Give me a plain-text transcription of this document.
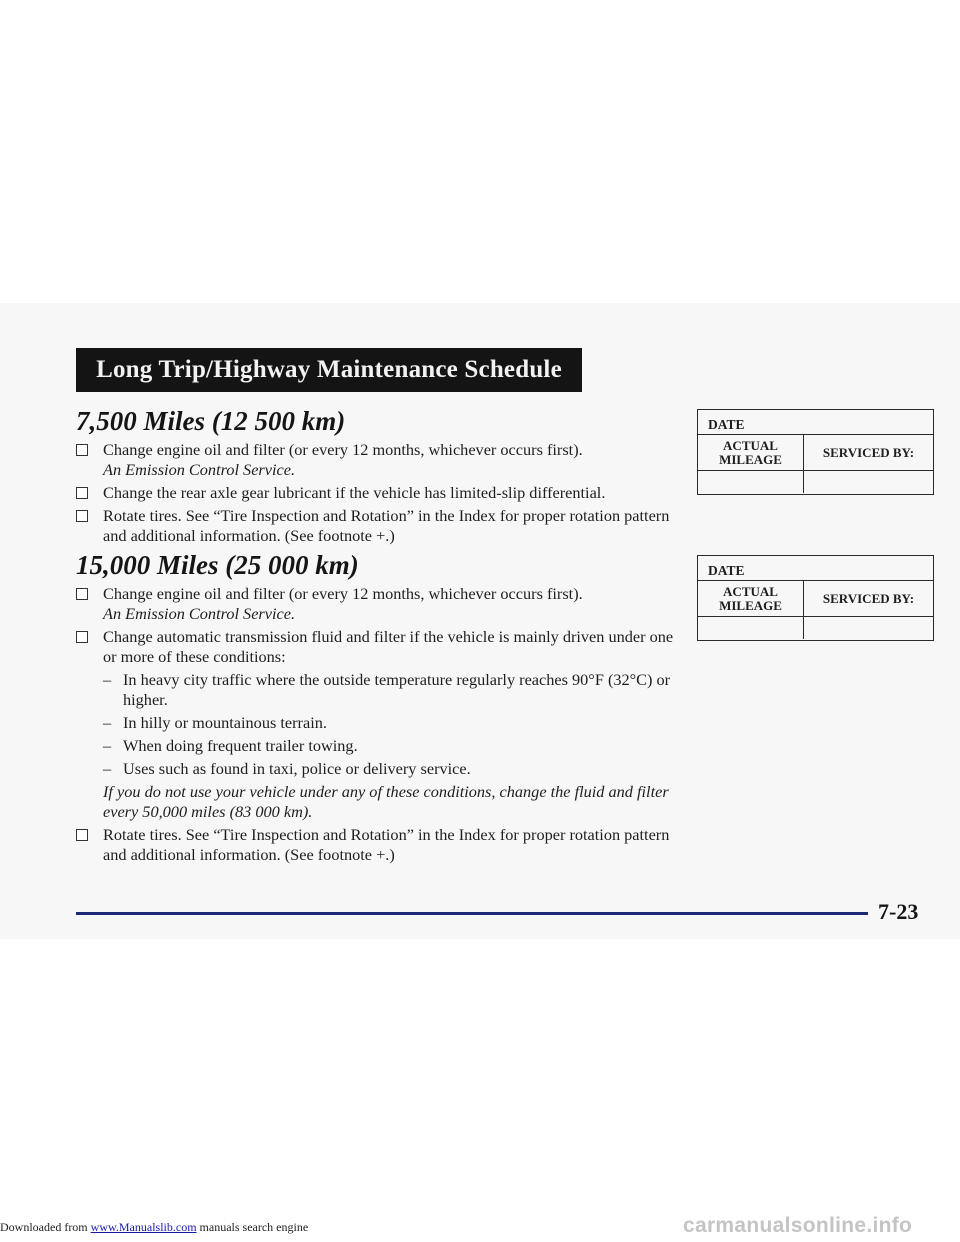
Long Trip/Highway Maintenance Schedule
7,500 Miles (12 500 km)
Change engine oil and filter (or every 12 months, whichever occurs first).
An Emission Control Service.
Change the rear axle gear lubricant if the vehicle has limited-slip differential.
Rotate tires. See “Tire Inspection and Rotation” in the Index for proper rotation pattern and additional information. (See footnote +.)
15,000 Miles (25 000 km)
Change engine oil and filter (or every 12 months, whichever occurs first).
An Emission Control Service.
Change automatic transmission fluid and filter if the vehicle is mainly driven under one or more of these conditions:
– In heavy city traffic where the outside temperature regularly reaches 90°F (32°C) or higher.
– In hilly or mountainous terrain.
– When doing frequent trailer towing.
– Uses such as found in taxi, police or delivery service.
If you do not use your vehicle under any of these conditions, change the fluid and filter every 50,000 miles (83 000 km).
Rotate tires. See “Tire Inspection and Rotation” in the Index for proper rotation pattern and additional information. (See footnote +.)
DATE
ACTUAL
MILEAGE	SERVICED BY:
DATE
ACTUAL
MILEAGE	SERVICED BY:
7-23
Downloaded from www.Manualslib.com manuals search engine	carmanualsonline.info
